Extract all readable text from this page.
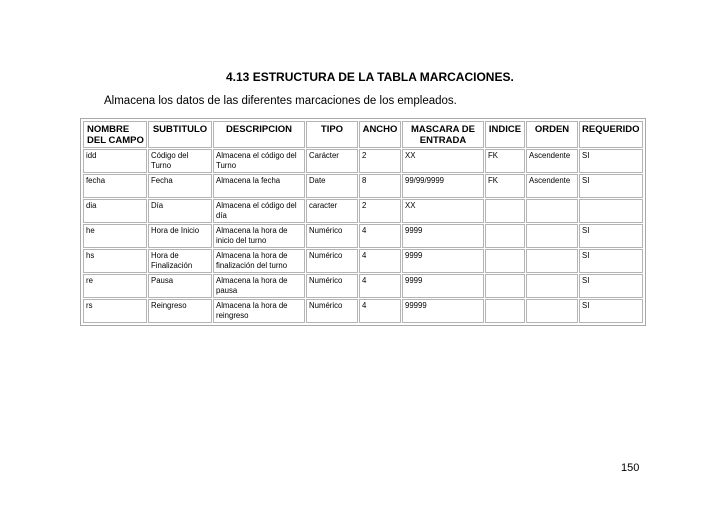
4.13 ESTRUCTURA DE LA TABLA MARCACIONES.
Almacena los datos de las diferentes marcaciones de los empleados.
NOMBRE
DEL CAMPO	SUBTITULO	DESCRIPCION	TIPO	ANCHO	MASCARA DE ENTRADA	INDICE	ORDEN	REQUERIDO
idd	Código del Turno	Almacena el código del Turno	Carácter	2	XX	FK	Ascendente	SI
fecha	Fecha	Almacena la fecha	Date	8	99/99/9999	FK	Ascendente	SI
dia	Día	Almacena el código del día	caracter	2	XX			
he	Hora de Inicio	Almacena la hora de inicio del turno	Numérico	4	9999			SI
hs	Hora de Finalización	Almacena la hora de finalización del turno	Numérico	4	9999			SI
re	Pausa	Almacena la hora de pausa	Numérico	4	9999			SI
rs	Reingreso	Almacena la hora de reingreso	Numérico	4	99999			SI
150
